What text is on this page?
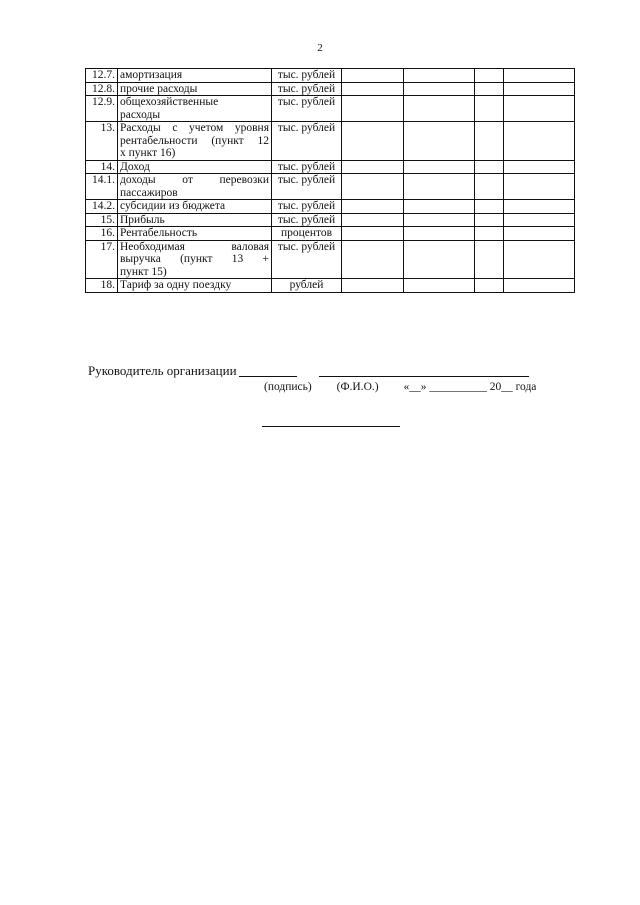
2
12.7.	амортизация	тыс. рублей				
12.8.	прочие расходы	тыс. рублей				
12.9.	общехозяйственные
расходы	тыс. рублей				
13.	Расходы с учетом уровня
рентабельности (пункт 12
х пункт 16)	тыс. рублей				
14.	Доход	тыс. рублей				
14.1.	доходы от перевозки
пассажиров	тыс. рублей				
14.2.	субсидии из бюджета	тыс. рублей				
15.	Прибыль	тыс. рублей				
16.	Рентабельность	процентов				
17.	Необходимая валовая
выручка (пункт 13 +
пункт 15)	тыс. рублей				
18.	Тариф за одну поездку	рублей				
Руководитель организации
(подпись) (Ф.И.О.) «__» __________ 20__ года
